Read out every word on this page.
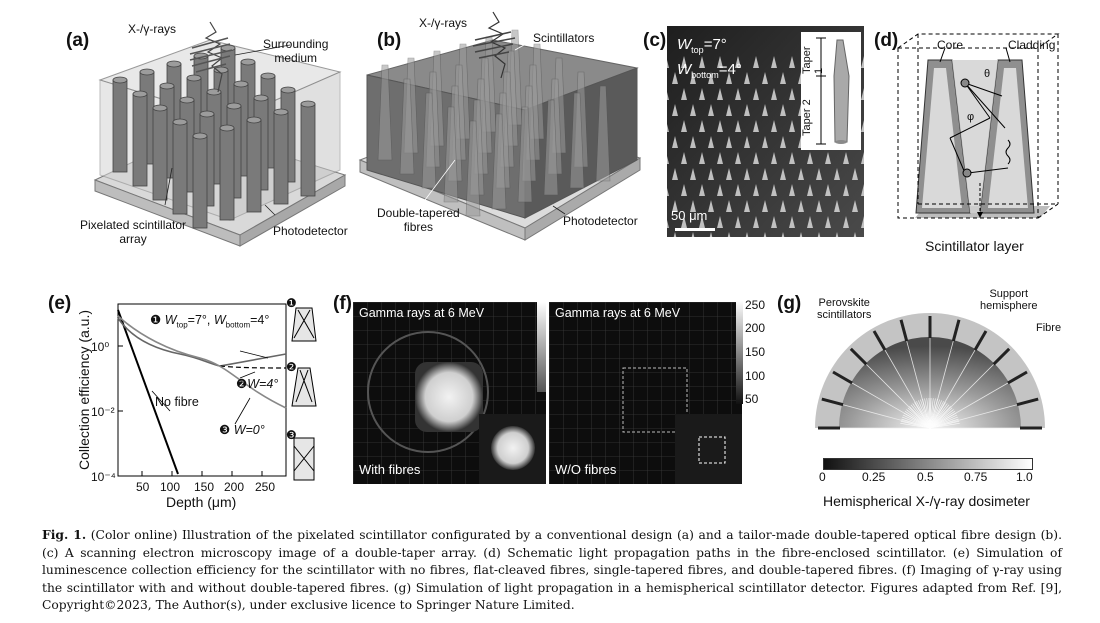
(a)
X-/γ-rays
Surrounding
medium
Pixelated scintillator
array
Photodetector
(b)
X-/γ-rays
Scintillators
Double-tapered
fibres	Photodetector
(c)
Taper 1
Taper 2
$W_{top}=7^\circ$
$W_{bottom}=4^\circ$
50 μm
(d)	Core	Cladding
θ
φ
Scintillator layer
(e)
Collection efficiency (a.u.)	❶ $W_{top}=7^\circ$, $W_{bottom}=4^\circ$
❷W=4°
❸ W=0°
No fibre
❶
❷
❸
10⁰
10⁻²
10⁻⁴
50 100 150 200 250
Depth (μm)
(f) Gamma rays at 6 MeV
With fibres
Gamma rays at 6 MeV
W/O fibres
250
200
150
100
50
(g) Perovskite
scintillators
Support
hemisphere
Fibre
0	0.25	0.5	0.75 1.0
Hemispherical X-/γ-ray dosimeter
Fig. 1. (Color online) Illustration of the pixelated scintillator configurated by a conventional design (a) and a tailor-made double-tapered optical fibre design (b). (c) A scanning electron microscopy image of a double-taper array. (d) Schematic light propagation paths in the fibre-enclosed scintillator. (e) Simulation of luminescence collection efficiency for the scintillator with no fibres, flat-cleaved fibres, single-tapered fibres, and double-tapered fibres. (f) Imaging of γ-ray using the scintillator with and without double-tapered fibres. (g) Simulation of light propagation in a hemispherical scintillator detector. Figures adapted from Ref. [9], Copyright©2023, The Author(s), under exclusive licence to Springer Nature Limited.
